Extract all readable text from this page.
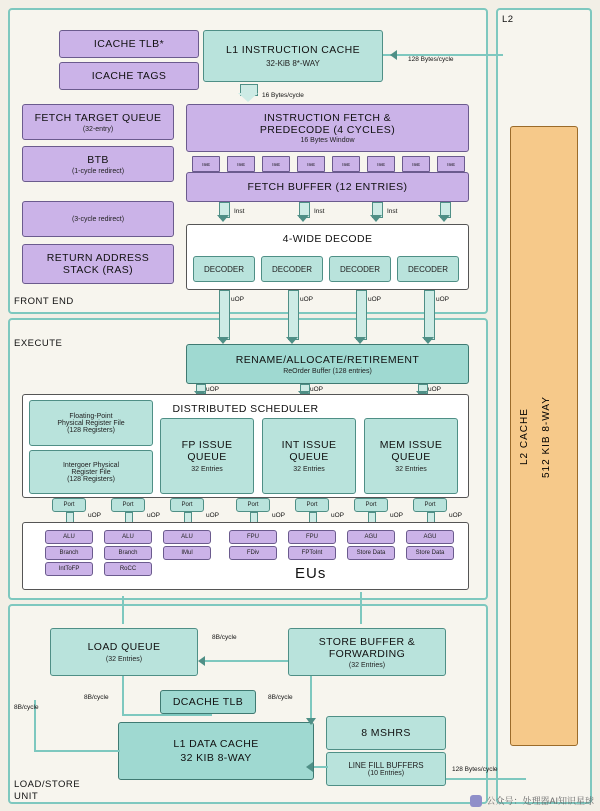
FRONT END
EXECUTE
LOAD/STORE
UNIT
L2
ICACHE TLB*
ICACHE TAGS
L1 INSTRUCTION CACHE
32-KiB 8*-WAY	128 Bytes/cycle
FETCH TARGET QUEUE
(32-entry)
BTB
(1-cycle redirect)
(3-cycle redirect)
RETURN ADDRESS
STACK (RAS)
16 Bytes/cycle
INSTRUCTION FETCH &
PREDECODE (4 CYCLES)
16 Bytes Window
Inst	Inst	Inst	Inst	Inst	Inst	Inst	Inst
FETCH BUFFER (12 ENTRIES)
Inst	Inst	Inst
4-WIDE DECODE
DECODER	DECODER	DECODER	DECODER
uOP	uOP	uOP	uOP
RENAME/ALLOCATE/RETIREMENT
ReOrder Buffer (128 entries)
uOP	uOP	uOP
DISTRIBUTED SCHEDULER
Floating-Point
Physical Register File
(128 Registers)
Intergoer Physical
Register File
(128 Registers)
FP ISSUE
QUEUE
32 Entries
INT ISSUE
QUEUE
32 Entries
MEM ISSUE
QUEUE
32 Entries
Port	Port	Port	Port	Port	Port	Port
uOP	uOP	uOP	uOP	uOP	uOP	uOP
EUs
ALU
Branch
IntToFP
ALU
Branch
RoCC
ALU
IMul
FPU
FDiv
FPU
FPToInt
AGU
Store Data
AGU
Store Data
LOAD QUEUE
(32 Entries)
STORE BUFFER &
FORWARDING
(32 Entries)
8B/cycle
DCACHE TLB
L1 DATA CACHE
32 KIB 8-WAY
8 MSHRS
LINE FILL BUFFERS
(10 Entries)
8B/cycle
8B/cycle	8B/cycle
128 Bytes/cycle
L2 CACHE 512 KIB 8-WAY
公众号：处理器AI知识星球
